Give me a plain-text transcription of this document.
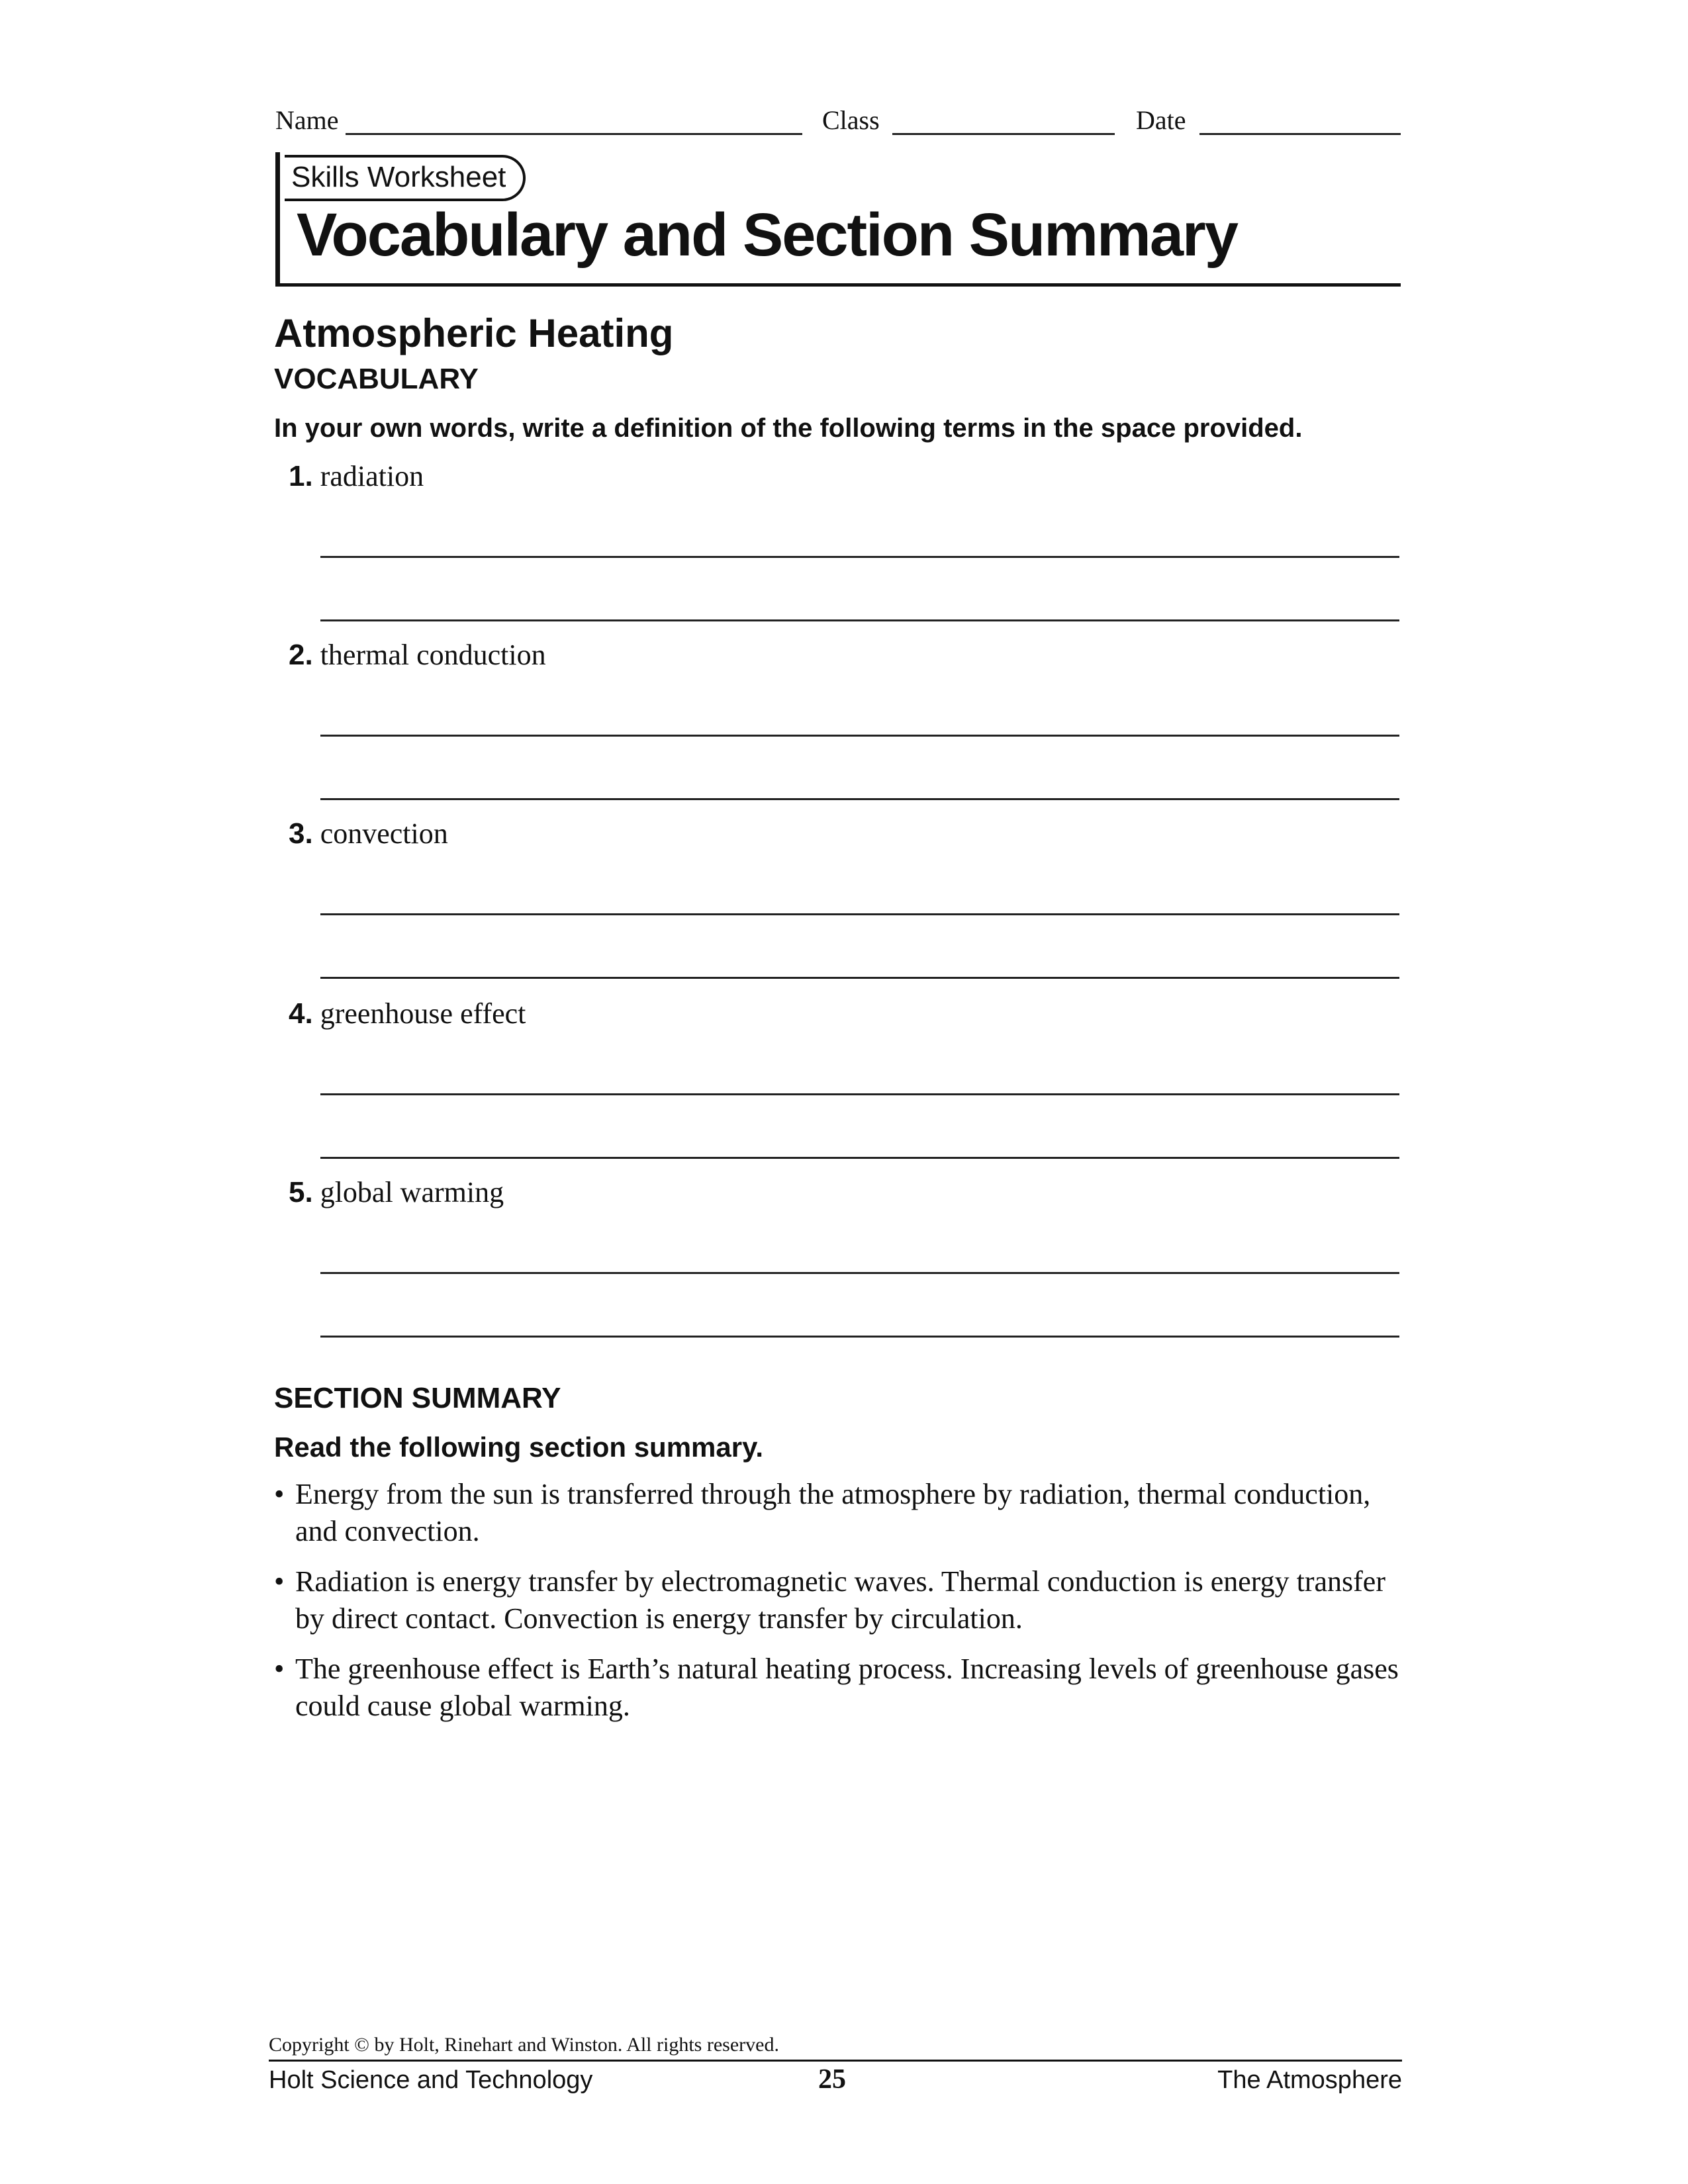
Name	Class	Date
Skills Worksheet
Vocabulary and Section Summary
Atmospheric Heating
VOCABULARY
In your own words, write a definition of the following terms in the space provided.
1. radiation
2. thermal conduction
3. convection
4. greenhouse effect
5. global warming
SECTION SUMMARY
Read the following section summary.
• Energy from the sun is transferred through the atmosphere by radiation, thermal conduction, and convection.
• Radiation is energy transfer by electromagnetic waves. Thermal conduction is energy transfer by direct contact. Convection is energy transfer by circulation.
• The greenhouse effect is Earth’s natural heating process. Increasing levels of greenhouse gases could cause global warming.
Copyright © by Holt, Rinehart and Winston. All rights reserved.
Holt Science and Technology	25	The Atmosphere
